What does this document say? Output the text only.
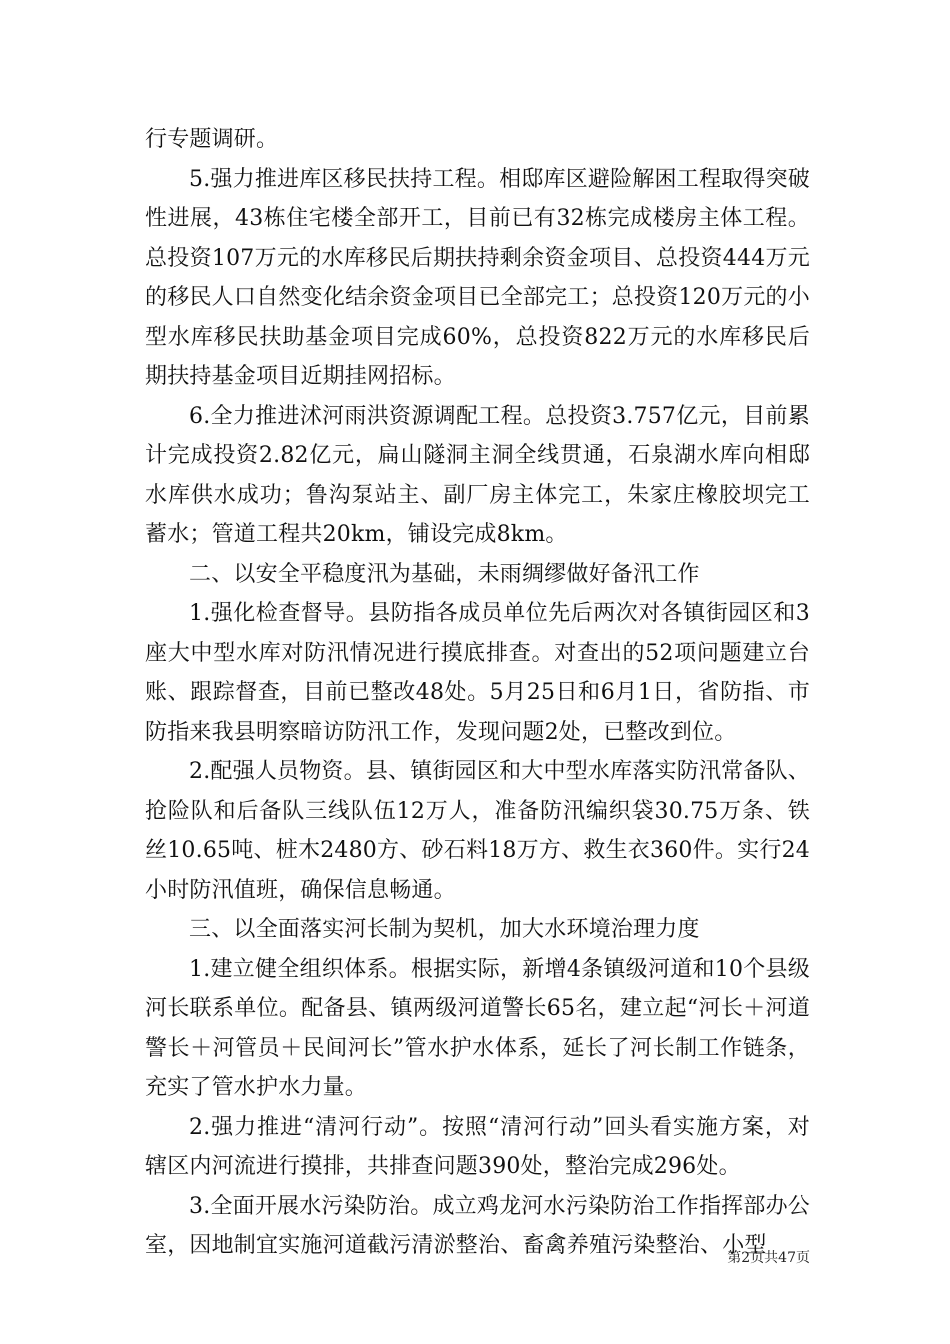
行专题调研。

5.强力推进库区移民扶持工程。相邸库区避险解困工程取得突破性进展，43栋住宅楼全部开工，目前已有32栋完成楼房主体工程。总投资107万元的水库移民后期扶持剩余资金项目、总投资444万元的移民人口自然变化结余资金项目已全部完工；总投资120万元的小型水库移民扶助基金项目完成60%，总投资822万元的水库移民后期扶持基金项目近期挂网招标。

6.全力推进沭河雨洪资源调配工程。总投资3.757亿元，目前累计完成投资2.82亿元，扁山隧洞主洞全线贯通，石泉湖水库向相邸水库供水成功；鲁沟泵站主、副厂房主体完工，朱家庄橡胶坝完工蓄水；管道工程共20km，铺设完成8km。

二、以安全平稳度汛为基础，未雨绸缪做好备汛工作

1.强化检查督导。县防指各成员单位先后两次对各镇街园区和3座大中型水库对防汛情况进行摸底排查。对查出的52项问题建立台账、跟踪督查，目前已整改48处。5月25日和6月1日，省防指、市防指来我县明察暗访防汛工作，发现问题2处，已整改到位。

2.配强人员物资。县、镇街园区和大中型水库落实防汛常备队、抢险队和后备队三线队伍12万人，准备防汛编织袋30.75万条、铁丝10.65吨、桩木2480方、砂石料18万方、救生衣360件。实行24小时防汛值班，确保信息畅通。

三、以全面落实河长制为契机，加大水环境治理力度

1.建立健全组织体系。根据实际，新增4条镇级河道和10个县级河长联系单位。配备县、镇两级河道警长65名，建立起“河长＋河道警长＋河管员＋民间河长”管水护水体系，延长了河长制工作链条，充实了管水护水力量。

2.强力推进“清河行动”。按照“清河行动”回头看实施方案，对辖区内河流进行摸排，共排查问题390处，整治完成296处。

3.全面开展水污染防治。成立鸡龙河水污染防治工作指挥部办公室，因地制宜实施河道截污清淤整治、畜禽养殖污染整治、小型

第2页共47页
